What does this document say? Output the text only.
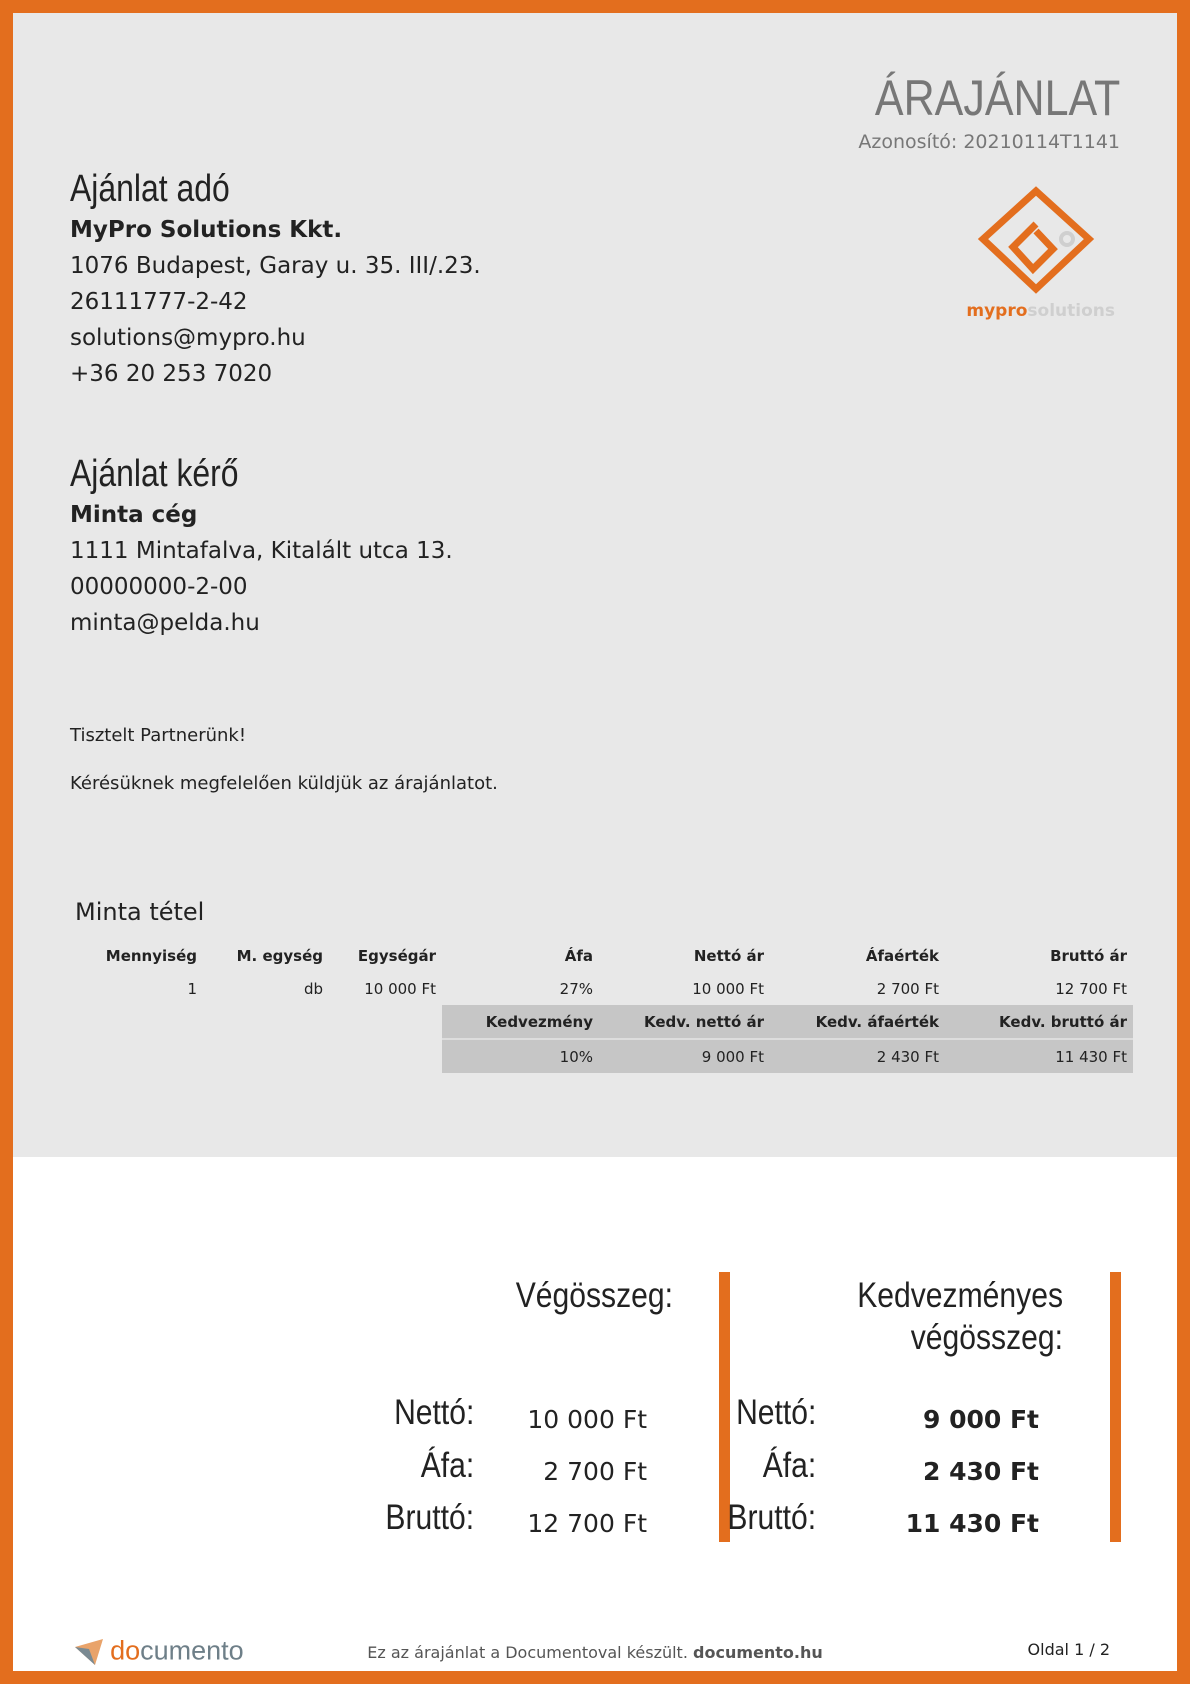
ÁRAJÁNLAT
Azonosító: 20210114T1141
myprosolutions
Ajánlat adó
MyPro Solutions Kkt.
1076 Budapest, Garay u. 35. III/.23.
26111777-2-42
solutions@mypro.hu
+36 20 253 7020
Ajánlat kérő
Minta cég
1111 Mintafalva, Kitalált utca 13.
00000000-2-00
minta@pelda.hu
Tisztelt Partnerünk!
Kérésüknek megfelelően küldjük az árajánlatot.
Minta tétel
Mennyiség	M. egység	Egységár	Áfa	Nettó ár	Áfaérték	Bruttó ár
1	db	10 000 Ft	27%	10 000 Ft	2 700 Ft	12 700 Ft
			Kedvezmény	Kedv. nettó ár	Kedv. áfaérték	Kedv. bruttó ár
			10%	9 000 Ft	2 430 Ft	11 430 Ft
Végösszeg:
Nettó: 10 000 Ft
Áfa:	2 700 Ft
Bruttó: 12 700 Ft
Kedvezményes
végösszeg:
Nettó:	9 000 Ft
Áfa:	2 430 Ft
Bruttó:	11 430 Ft
documento	Ez az árajánlat a Documentoval készült. documento.hu	Oldal 1 / 2
